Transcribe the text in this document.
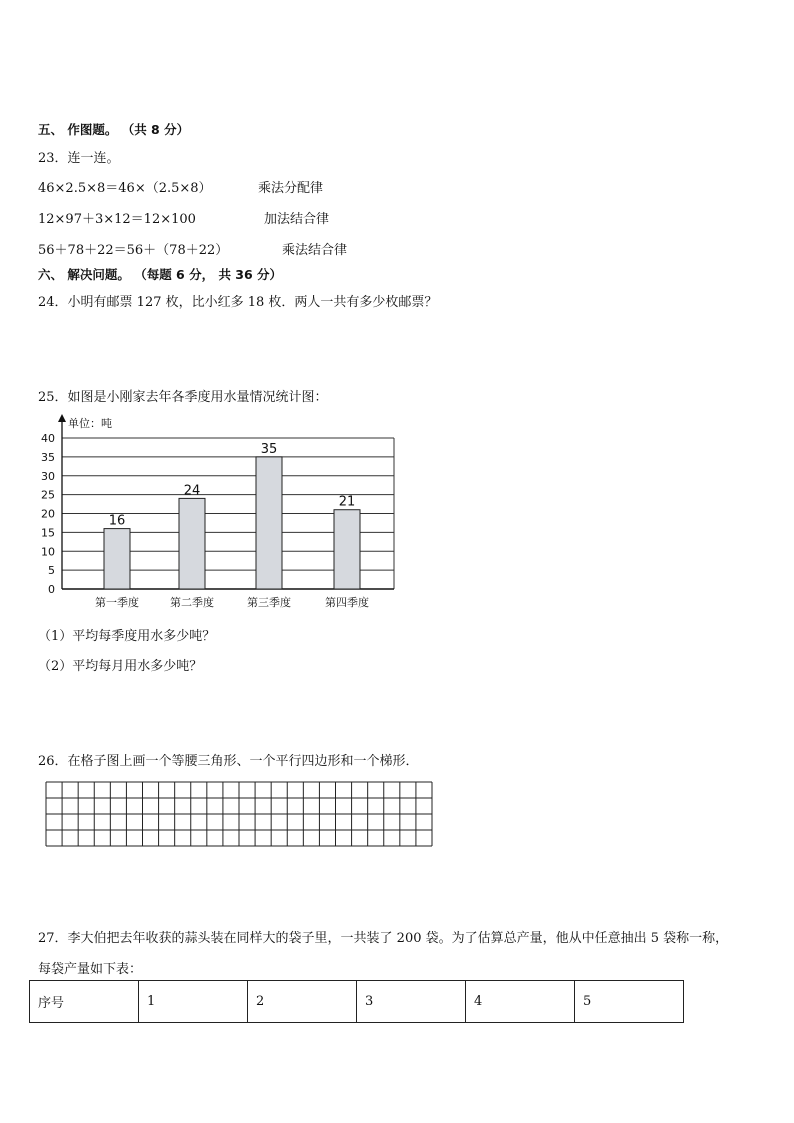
五、 作图题。 （共 8 分）
23．连一连。
46×2.5×8＝46×（2.5×8）	乘法分配律
12×97＋3×12＝12×100	加法结合律
56＋78＋22＝56＋（78＋22）	乘法结合律
六、 解决问题。 （每题 6 分， 共 36 分）
24．小明有邮票 127 枚，比小红多 18 枚．两人一共有多少枚邮票？
25．如图是小刚家去年各季度用水量情况统计图：
0
5
10
15
20
25
30
35
40
单位：吨
16
第一季度
24
第二季度
35
第三季度
21
第四季度
（1）平均每季度用水多少吨？
（2）平均每月用水多少吨？
26．在格子图上画一个等腰三角形、一个平行四边形和一个梯形．
27．李大伯把去年收获的蒜头装在同样大的袋子里，一共装了 200 袋。为了估算总产量，他从中任意抽出 5 袋称一称，
每袋产量如下表：
序号	1	2	3	4	5
